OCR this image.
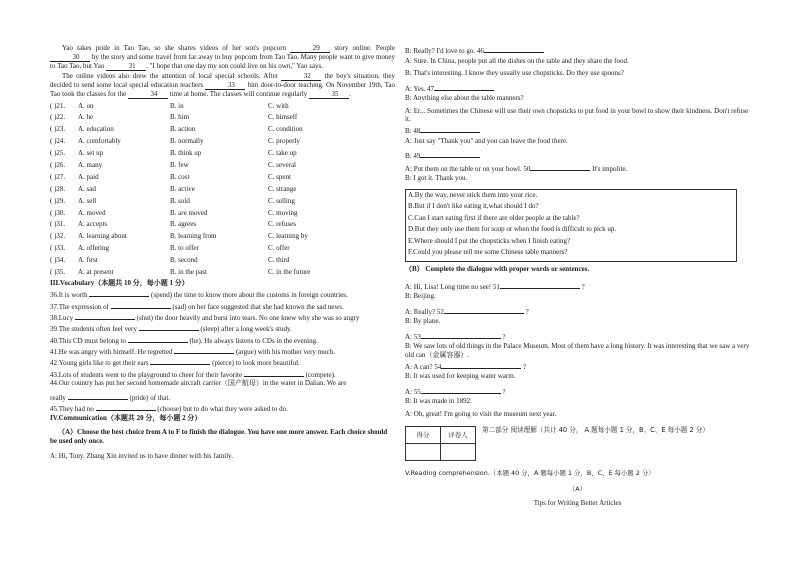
Yao takes pride in Tao Tao, so she shares videos of her son's popcorn	29 story online. People 30 by the story and some travel from far away to buy popcorn from Tao Tao. Many people want to give money to Tao Tao, but Yao	31 . "I hope that one day my son could live on his own," Yao says.

The online videos also drew the attention of local special schools. After	32 the boy's situation, they decided to send some local special education teachers	33 him door-to-door teaching. On November 19th, Tao Tao took the classes for the	34 time at home. The classes will continue regularly	35 .

( )21.	A. on	B. in	C. with
( )22.	A. he	B. him	C. himself
( )23.	A. education	B. action	C. condition
( )24.	A. comfortably	B. normally	C. properly
( )25.	A. set up	B. think up	C. take up
( )26.	A. many	B. few	C. several
( )27.	A. paid	B. cost	C. spent
( )28.	A. sad	B. active	C. strange
( )29.	A. sell	B. sold	C. selling
( )30.	A. moved	B. are moved	C. moving
( )31.	A. accepts	B. agrees	C. refuses
( )32.	A. learning about	B. learning from	C. learning by
( )33.	A. offering	B. to offer	C. offer
( )34.	A. first	B. second	C. third
( )35.	A. at present	B. in the past	C. in the future

III.Vocabulary（本题共 10 分，每小题 1 分）

36.It is worth	(spend) the time to know more about the customs in foreign countries.

37.The expression of	(sad) on her face suggested that she had known the sad news.

38.Lucy	(shut) the door heavily and burst into tears. No one knew why she was so angry

39.The students often feel very	(sleep) after a long week's study.

40.This CD must belong to	(he). He always listens to CDs in the evening.

41.He was angry with himself. He regretted	(argue) with his mother very much.

42.Young girls like to get their ears	(pierce) to look more beautiful.

43.Lots of students went to the playground to cheer for their favorite	(compete).

44.Our country has put her second homemade aircraft carrier（国产航母）in the water in Dalian. We are

really	(pride) of that.

45.They had no	(choose) but to do what they were asked to do.

IV.Communication（本题共 20 分，每小题 2 分）

（A）Choose the best choice from A to F to finish the dialogue. You have one more answer. Each choice should be used only once.

A: Hi, Tony. Zhang Xin invited us to have dinner with his family.

B: Really? I'd love to go. 46

A: Sure. In China, people put all the dishes on the table and they share the food.

B: That's interesting. I know they usually use chopsticks. Do they use spoons?

A: Yes. 47

B: Anything else about the table manners?

A: Er... Sometimes the Chinese will use their own chopsticks to put food in your bowl to show their kindness. Don't refuse it.

B: 48

A: Just say "Thank you" and you can leave the food there.

B: 49

A: Put them on the table or on your bowl. 50	It's impolite.

B: I got it. Thank you.

A.By the way, never stick them into your rice.

B.But if I don't like eating it,what should I do?

C.Can I start eating first if there are older people at the table?

D.But they only use them for soup or when the food is difficult to pick up.

E.Where should I put the chopsticks when I finish eating?

F.Could you please tell me some Chinese table manners?

（B） Complete the dialogue with proper words or sentences.

A: Hi, Lisa! Long time no see! 51	?

B: Beijing.

A: Really? 52	?

B: By plane.

A: 53	?

B: We saw lots of old things in the Palace Museum. Most of them have a long history. It was interesting that we saw a very old can（金属容器）.

A: A can? 54	?

B: It was used for keeping water warm.

A: 55	?

B: It was made in 1892.

A: Oh, great! I'm going to visit the museum next year.

得分	评卷人

第二部分 阅读理解（共计 40 分， A 题每小题 1 分，B、C、E 每小题 2 分）

V.Reading comprehension.（本题 40 分，A 题每小题 1 分，B、C、E 每小题 2 分）

（A）

Tips for Writing Better Articles
